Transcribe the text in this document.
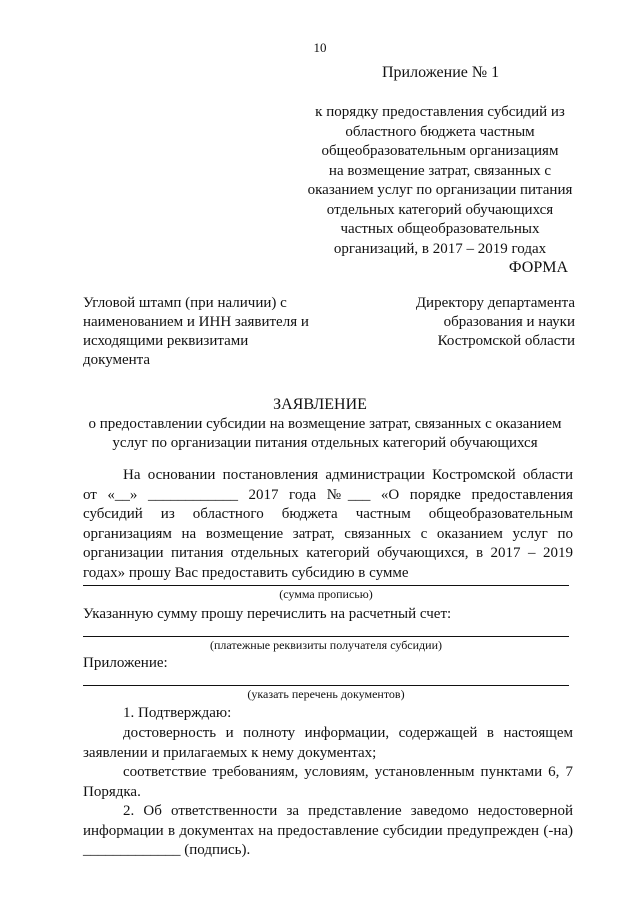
10
Приложение № 1
к порядку предоставления субсидий из
областного бюджета частным
общеобразовательным организациям
на возмещение затрат, связанных с
оказанием услуг по организации питания
отдельных категорий обучающихся
частных общеобразовательных
организаций, в 2017 – 2019 годах
ФОРМА
Угловой штамп (при наличии) с
наименованием и ИНН заявителя и
исходящими реквизитами
документа
Директору департамента
образования и науки
Костромской области
ЗАЯВЛЕНИЕ
о предоставлении субсидии на возмещение затрат, связанных с оказанием
услуг по организации питания отдельных категорий обучающихся
На основании постановления администрации Костромской области от «__» ____________ 2017 года №___ «О порядке предоставления субсидий из областного бюджета частным общеобразовательным организациям на возмещение затрат, связанных с оказанием услуг по организации питания отдельных категорий обучающихся, в 2017 – 2019 годах» прошу Вас предоставить субсидию в сумме
(сумма прописью)
Указанную сумму прошу перечислить на расчетный счет:
(платежные реквизиты получателя субсидии)
Приложение:
(указать перечень документов)
1. Подтверждаю:
достоверность и полноту информации, содержащей в настоящем заявлении и прилагаемых к нему документах;
соответствие требованиям, условиям, установленным пунктами 6, 7 Порядка.
2. Об ответственности за представление заведомо недостоверной информации в документах на предоставление субсидии предупрежден (-на) _____________ (подпись).
